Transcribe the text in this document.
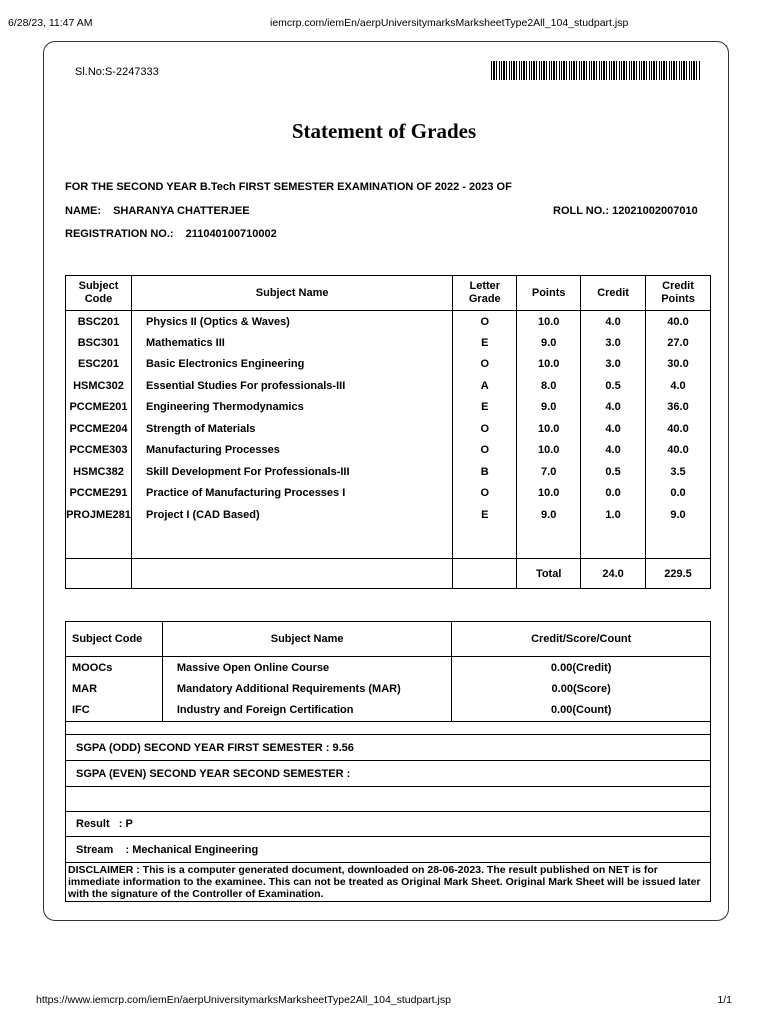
6/28/23, 11:47 AM	iemcrp.com/iemEn/aerpUniversitymarksMarksheetType2All_104_studpart.jsp
Sl.No:S-2247333
Statement of Grades
FOR THE SECOND YEAR B.Tech FIRST SEMESTER EXAMINATION OF 2022 - 2023 OF
NAME: SHARANYA CHATTERJEE	ROLL NO.: 12021002007010
REGISTRATION NO.: 211040100710002
Subject Code	Subject Name	Letter Grade	Points	Credit	Credit Points
BSC201	Physics II (Optics & Waves)	O	10.0	4.0	40.0
BSC301	Mathematics III	E	9.0	3.0	27.0
ESC201	Basic Electronics Engineering	O	10.0	3.0	30.0
HSMC302	Essential Studies For professionals-III	A	8.0	0.5	4.0
PCCME201	Engineering Thermodynamics	E	9.0	4.0	36.0
PCCME204	Strength of Materials	O	10.0	4.0	40.0
PCCME303	Manufacturing Processes	O	10.0	4.0	40.0
HSMC382	Skill Development For Professionals-III	B	7.0	0.5	3.5
PCCME291	Practice of Manufacturing Processes I	O	10.0	0.0	0.0
PROJME281	Project I (CAD Based)	E	9.0	1.0	9.0

			Total	24.0	229.5
Subject Code	Subject Name	Credit/Score/Count
MOOCs	Massive Open Online Course	0.00(Credit)
MAR	Mandatory Additional Requirements (MAR)	0.00(Score)
IFC	Industry and Foreign Certification	0.00(Count)
SGPA (ODD) SECOND YEAR FIRST SEMESTER : 9.56
SGPA (EVEN) SECOND YEAR SECOND SEMESTER :
Result
: P
Stream
: Mechanical Engineering
DISCLAIMER : This is a computer generated document, downloaded on 28-06-2023. The result published on NET is for immediate information to the examinee. This can not be treated as Original Mark Sheet. Original Mark Sheet will be issued later with the signature of the Controller of Examination.
https://www.iemcrp.com/iemEn/aerpUniversitymarksMarksheetType2All_104_studpart.jsp	1/1
